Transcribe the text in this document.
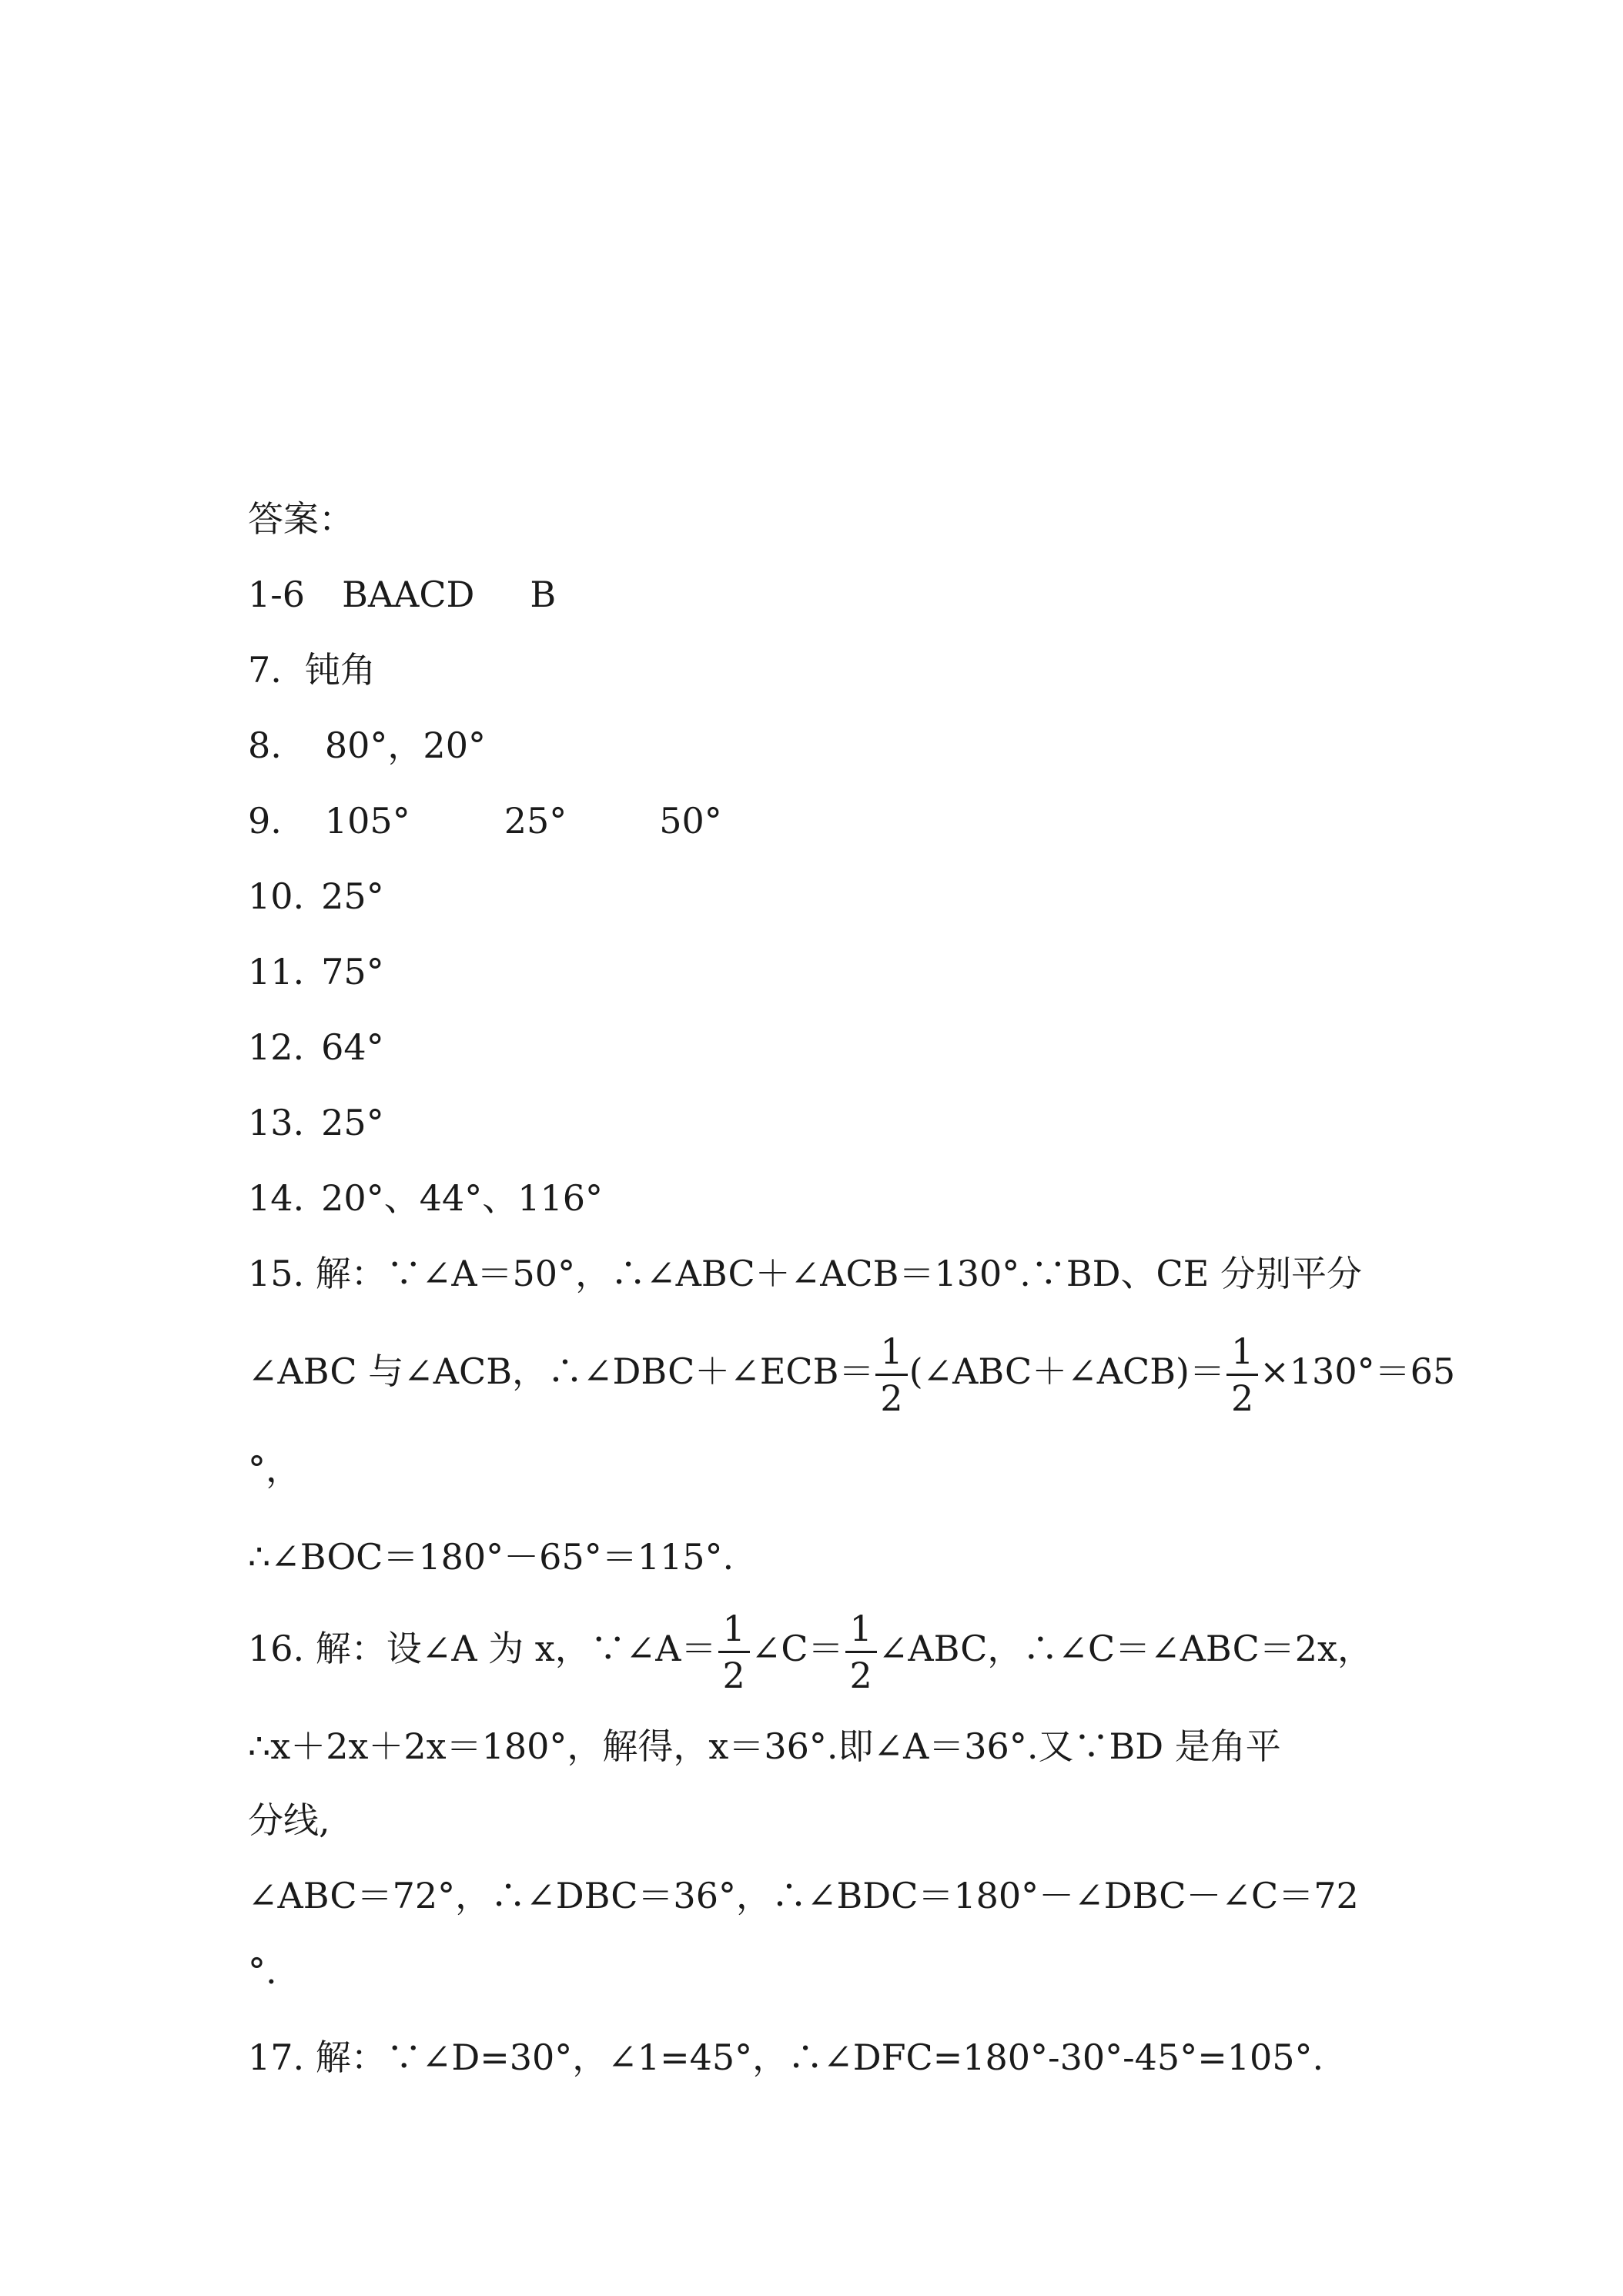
答案：
1-6 BAACD B
7. 钝角
8. 80°，20°
9. 105°	25°	50°
10. 25°
11. 75°
12. 64°
13. 25°
14. 20°、44°、116°
15. 解：∵∠A＝50°，∴∠ABC＋∠ACB＝130°.∵BD、CE 分别平分
∠ABC 与∠ACB，∴∠DBC＋∠ECB＝ $\frac{1}{2}$ (∠ABC＋∠ACB)＝ $\frac{1}{2} \times 130^\circ=65$
°，
∴∠BOC＝180°－65°＝115°.
16. 解：设∠A 为 x，∵∠A＝ $\frac{1}{2}$ ∠C＝ $\frac{1}{2}$ ∠ABC，∴∠C＝∠ABC＝2x，
∴x＋2x＋2x＝180°，解得，x＝36°.即∠A＝36°.又∵BD 是角平
分线,
∠ABC＝72°，∴∠DBC＝36°，∴∠BDC＝180°－∠DBC－∠C＝72
°.
17. 解：∵∠D=30°，∠1=45°，∴∠DFC=180°-30°-45°=105°.
